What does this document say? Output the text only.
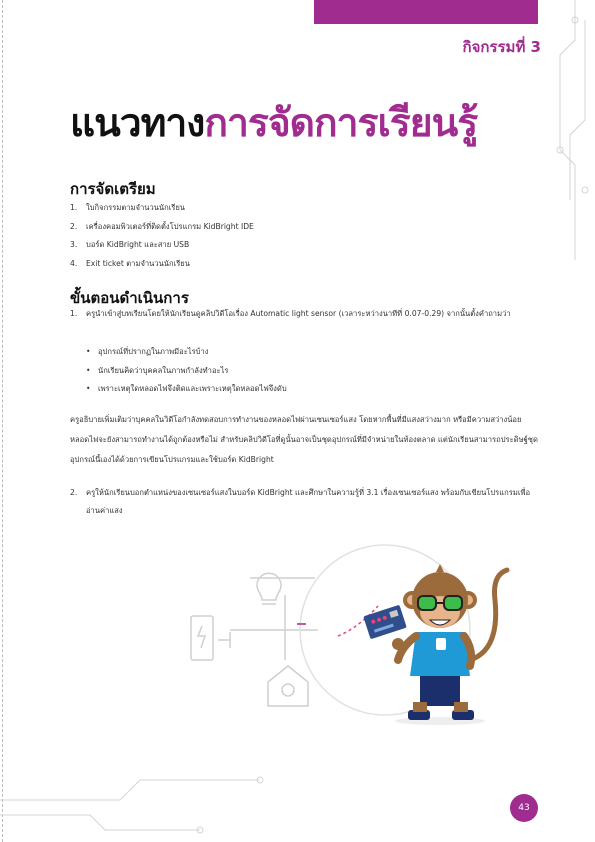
กิจกรรมที่ 3
แนวทางการจัดการเรียนรู้
การจัดเตรียม
1.	ใบกิจกรรมตามจำนวนนักเรียน
2.	เครื่องคอมพิวเตอร์ที่ติดตั้งโปรแกรม KidBright IDE
3.	บอร์ด KidBright และสาย USB
4.	Exit ticket ตามจำนวนนักเรียน
ขั้นตอนดำเนินการ
1.	ครูนำเข้าสู่บทเรียนโดยให้นักเรียนดูคลิปวิดีโอเรื่อง Automatic light sensor (เวลาระหว่างนาทีที่ 0.07-0.29) จากนั้นตั้งคำถามว่า
• อุปกรณ์ที่ปรากฏในภาพมีอะไรบ้าง
• นักเรียนคิดว่าบุคคลในภาพกำลังทำอะไร
• เพราะเหตุใดหลอดไฟจึงติดและเพราะเหตุใดหลอดไฟจึงดับ
ครูอธิบายเพิ่มเติมว่าบุคคลในวิดีโอกำลังทดสอบการทำงานของหลอดไฟผ่านเซนเซอร์แสง โดยหากพื้นที่มีแสงสว่างมาก หรือมีความสว่างน้อย หลอดไฟจะยังสามารถทำงานได้ถูกต้องหรือไม่ สำหรับคลิปวิดีโอที่ดูนั้นอาจเป็นชุดอุปกรณ์ที่มีจำหน่ายในท้องตลาด แต่นักเรียนสามารถประดิษฐ์ชุดอุปกรณ์นี้เองได้ด้วยการเขียนโปรแกรมและใช้บอร์ด KidBright
2.	ครูให้นักเรียนบอกตำแหน่งของเซนเซอร์แสงในบอร์ด KidBright และศึกษาในความรู้ที่ 3.1 เรื่องเซนเซอร์แสง พร้อมกับเขียนโปรแกรมเพื่ออ่านค่าแสง
43
